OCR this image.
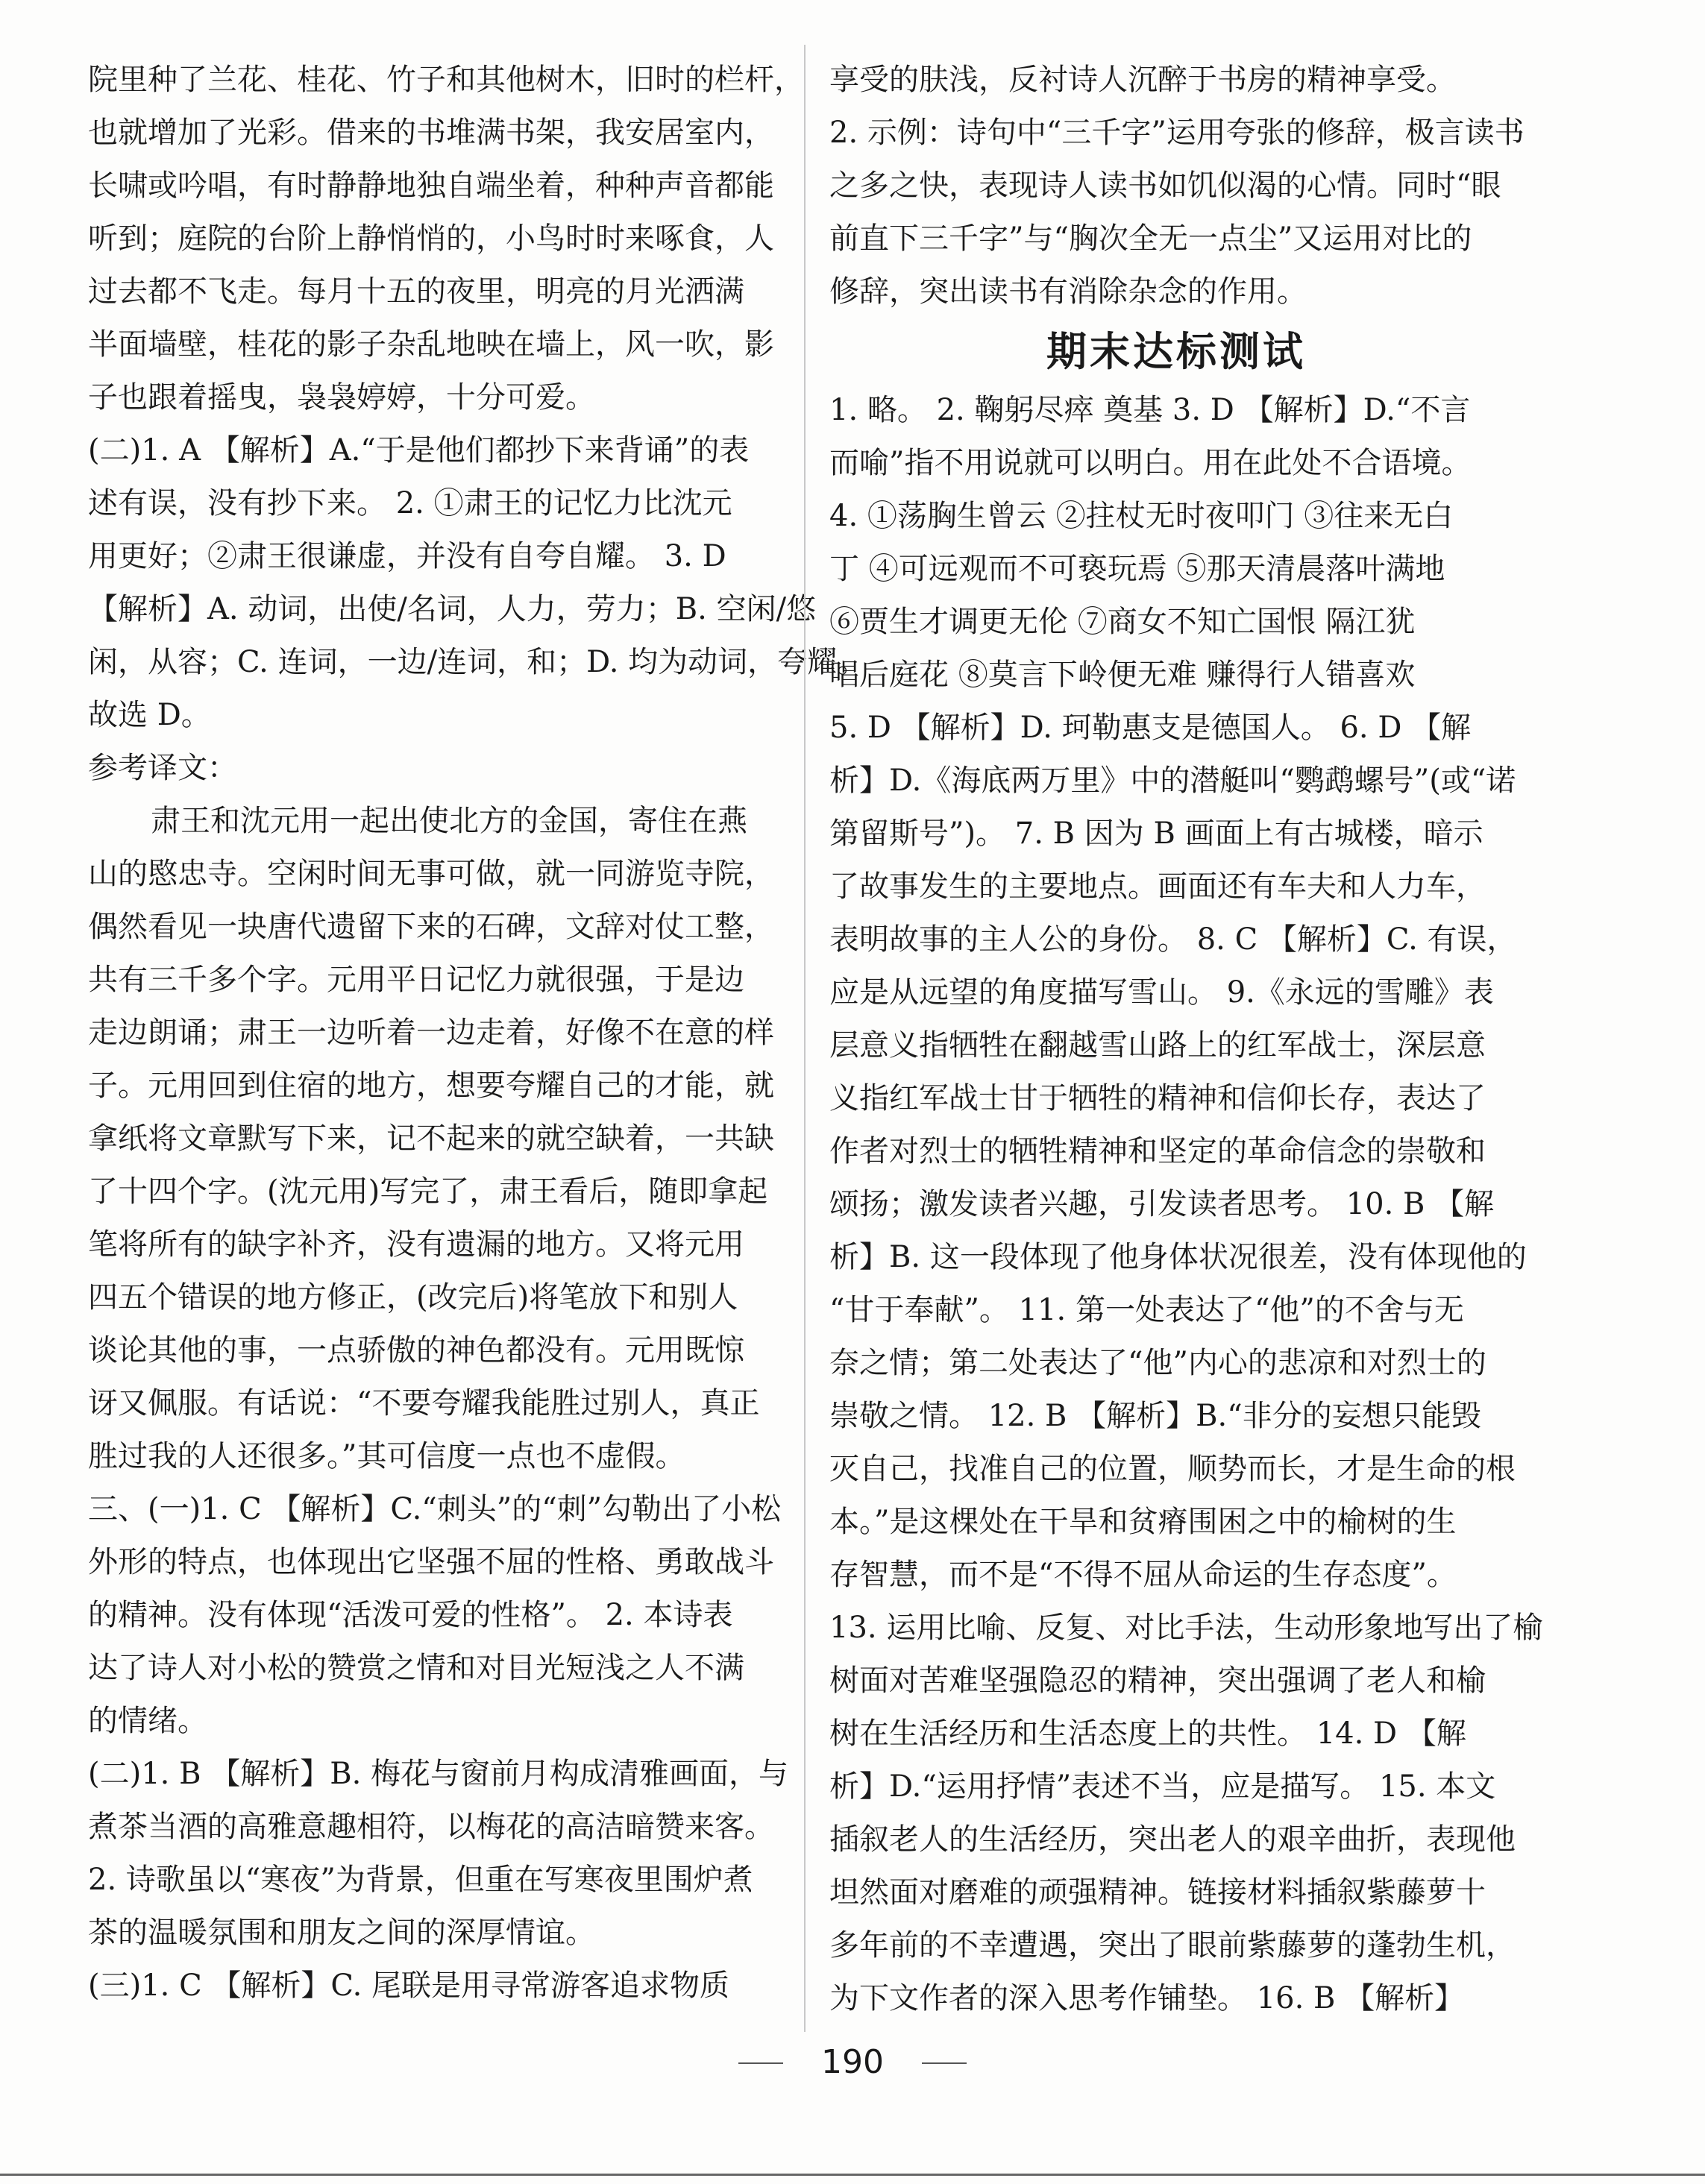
院里种了兰花、桂花、竹子和其他树木，旧时的栏杆，
也就增加了光彩。借来的书堆满书架，我安居室内，
长啸或吟唱，有时静静地独自端坐着，种种声音都能
听到；庭院的台阶上静悄悄的，小鸟时时来啄食，人
过去都不飞走。每月十五的夜里，明亮的月光洒满
半面墙壁，桂花的影子杂乱地映在墙上，风一吹，影
子也跟着摇曳，袅袅婷婷，十分可爱。
(二)1. A 【解析】A.“于是他们都抄下来背诵”的表
述有误，没有抄下来。 2. ①肃王的记忆力比沈元
用更好；②肃王很谦虚，并没有自夸自耀。 3. D
【解析】A. 动词，出使/名词，人力，劳力；B. 空闲/悠
闲，从容；C. 连词，一边/连词，和；D. 均为动词，夸耀。
故选 D。
参考译文：
肃王和沈元用一起出使北方的金国，寄住在燕
山的愍忠寺。空闲时间无事可做，就一同游览寺院，
偶然看见一块唐代遗留下来的石碑，文辞对仗工整，
共有三千多个字。元用平日记忆力就很强，于是边
走边朗诵；肃王一边听着一边走着，好像不在意的样
子。元用回到住宿的地方，想要夸耀自己的才能，就
拿纸将文章默写下来，记不起来的就空缺着，一共缺
了十四个字。(沈元用)写完了，肃王看后，随即拿起
笔将所有的缺字补齐，没有遗漏的地方。又将元用
四五个错误的地方修正，(改完后)将笔放下和别人
谈论其他的事，一点骄傲的神色都没有。元用既惊
讶又佩服。有话说：“不要夸耀我能胜过别人，真正
胜过我的人还很多。”其可信度一点也不虚假。
三、(一)1. C 【解析】C.“刺头”的“刺”勾勒出了小松
外形的特点，也体现出它坚强不屈的性格、勇敢战斗
的精神。没有体现“活泼可爱的性格”。 2. 本诗表
达了诗人对小松的赞赏之情和对目光短浅之人不满
的情绪。
(二)1. B 【解析】B. 梅花与窗前月构成清雅画面，与
煮茶当酒的高雅意趣相符，以梅花的高洁暗赞来客。
2. 诗歌虽以“寒夜”为背景，但重在写寒夜里围炉煮
茶的温暖氛围和朋友之间的深厚情谊。
(三)1. C 【解析】C. 尾联是用寻常游客追求物质
享受的肤浅，反衬诗人沉醉于书房的精神享受。
2. 示例：诗句中“三千字”运用夸张的修辞，极言读书
之多之快，表现诗人读书如饥似渴的心情。同时“眼
前直下三千字”与“胸次全无一点尘”又运用对比的
修辞，突出读书有消除杂念的作用。
期末达标测试
1. 略。 2. 鞠躬尽瘁 奠基 3. D 【解析】D.“不言
而喻”指不用说就可以明白。用在此处不合语境。
4. ①荡胸生曾云 ②拄杖无时夜叩门 ③往来无白
丁 ④可远观而不可亵玩焉 ⑤那天清晨落叶满地
⑥贾生才调更无伦 ⑦商女不知亡国恨 隔江犹
唱后庭花 ⑧莫言下岭便无难 赚得行人错喜欢
5. D 【解析】D. 珂勒惠支是德国人。 6. D 【解
析】D.《海底两万里》中的潜艇叫“鹦鹉螺号”(或“诺
第留斯号”)。 7. B 因为 B 画面上有古城楼，暗示
了故事发生的主要地点。画面还有车夫和人力车，
表明故事的主人公的身份。 8. C 【解析】C. 有误，
应是从远望的角度描写雪山。 9.《永远的雪雕》表
层意义指牺牲在翻越雪山路上的红军战士，深层意
义指红军战士甘于牺牲的精神和信仰长存，表达了
作者对烈士的牺牲精神和坚定的革命信念的崇敬和
颂扬；激发读者兴趣，引发读者思考。 10. B 【解
析】B. 这一段体现了他身体状况很差，没有体现他的
“甘于奉献”。 11. 第一处表达了“他”的不舍与无
奈之情；第二处表达了“他”内心的悲凉和对烈士的
崇敬之情。 12. B 【解析】B.“非分的妄想只能毁
灭自己，找准自己的位置，顺势而长，才是生命的根
本。”是这棵处在干旱和贫瘠围困之中的榆树的生
存智慧，而不是“不得不屈从命运的生存态度”。
13. 运用比喻、反复、对比手法，生动形象地写出了榆
树面对苦难坚强隐忍的精神，突出强调了老人和榆
树在生活经历和生活态度上的共性。 14. D 【解
析】D.“运用抒情”表述不当，应是描写。 15. 本文
插叙老人的生活经历，突出老人的艰辛曲折，表现他
坦然面对磨难的顽强精神。链接材料插叙紫藤萝十
多年前的不幸遭遇，突出了眼前紫藤萝的蓬勃生机，
为下文作者的深入思考作铺垫。 16. B 【解析】
190
